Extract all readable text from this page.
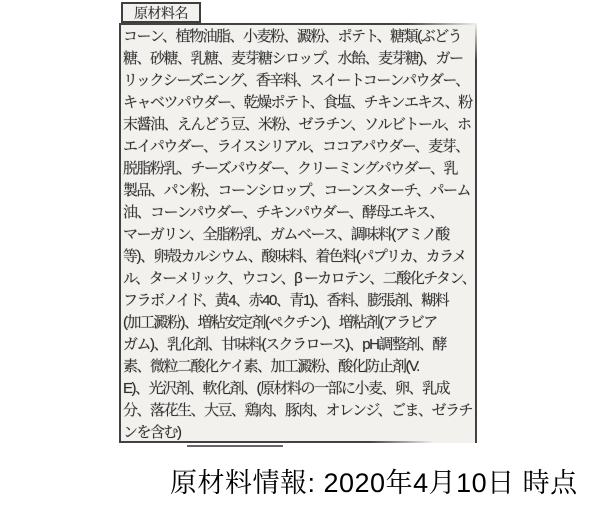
原材料名
コーン、植物油脂、小麦粉、澱粉、ポテト、糖類(ぶどう
糖、砂糖、乳糖、麦芽糖シロップ、水飴、麦芽糖)、ガー
リックシーズニング、香辛料、スイートコーンパウダー、
キャベツパウダー、乾燥ポテト、食塩、チキンエキス、粉
末醤油、えんどう豆、米粉、ゼラチン、ソルビトール、ホ
エイパウダー、ライスシリアル、ココアパウダー、麦芽、
脱脂粉乳、チーズパウダー、クリーミングパウダー、乳
製品、パン粉、コーンシロップ、コーンスターチ、パーム
油、コーンパウダー、チキンパウダー、酵母エキス、
マーガリン、全脂粉乳、ガムベース、調味料(アミノ酸
等)、卵殻カルシウム、酸味料、着色料(パプリカ、カラメ
ル、ターメリック、ウコン、β ーカロテン、二酸化チタン、
フラボノイド、黄4、赤40、青1)、香料、膨張剤、糊料
(加工澱粉)、増粘安定剤(ペクチン)、増粘剤(アラビア
ガム)、乳化剤、甘味料(スクラロース)、pH調整剤、酵
素、微粒二酸化ケイ素、加工澱粉、酸化防止剤(V.
E)、光沢剤、軟化剤、(原材料の一部に小麦、卵、乳成
分、落花生、大豆、鶏肉、豚肉、オレンジ、ごま、ゼラチ
ンを含む)
原材料情報: 2020年4月10日 時点
